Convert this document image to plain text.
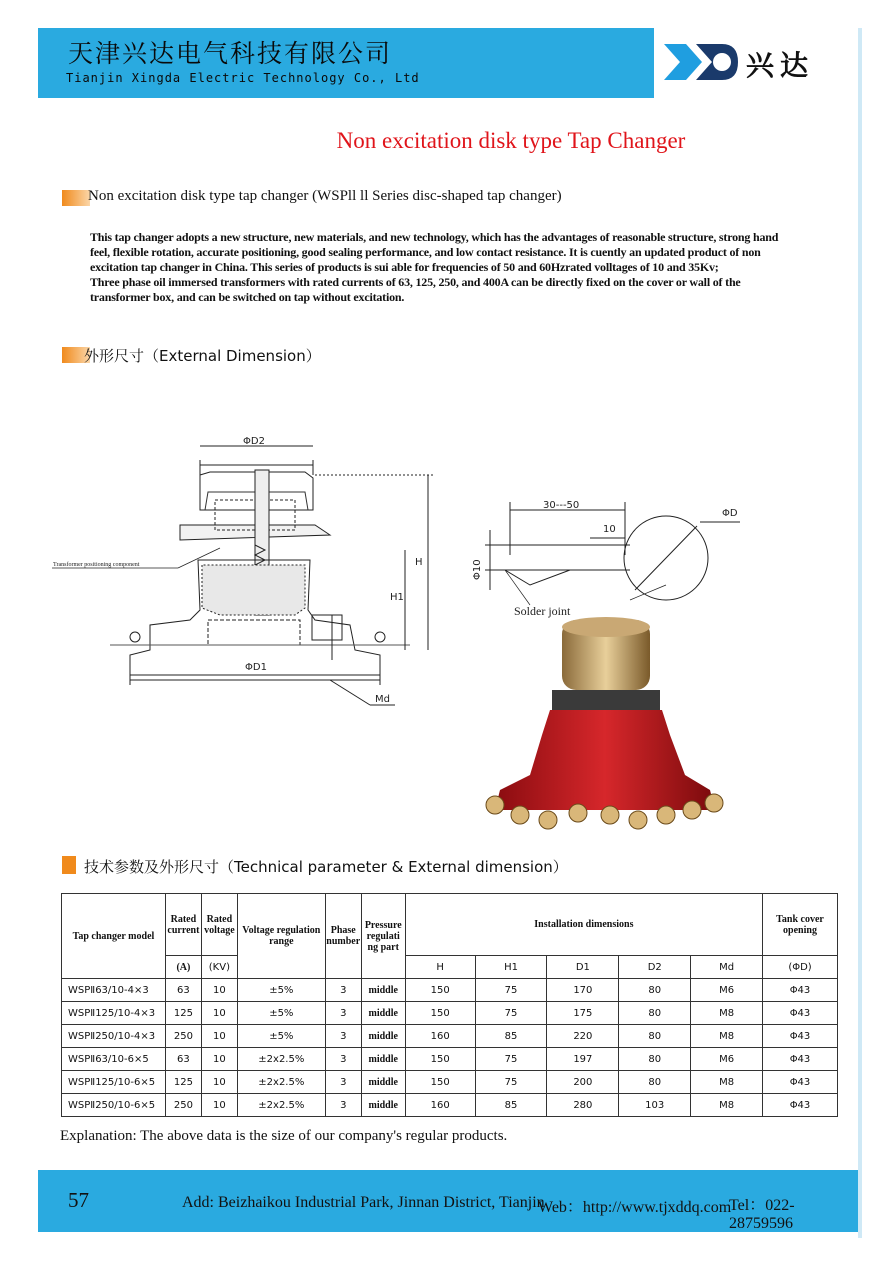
天津兴达电气科技有限公司
Tianjin Xingda Electric Technology Co., Ltd	兴达
Non excitation disk type Tap Changer
Non excitation disk type tap changer (WSPll ll Series disc-shaped tap changer)

This tap changer adopts a new structure, new materials, and new technology, which has the advantages of reasonable structure, strong hand feel, flexible rotation, accurate positioning, good sealing performance, and low contact resistance. It is cuently an updated product of non excitation tap changer in China. This series of products is sui able for frequencies of 50 and 60Hzrated volltages of 10 and 35Kv;

Three phase oil immersed transformers with rated currents of 63, 125, 250, and 400A can be directly fixed on the cover or wall of the transformer box, and can be switched on tap without excitation.

外形尺寸（External Dimension）
ΦD2
H
H1
ΦD1
Md
Transformer positioning component
30---50
10
Φ10
ΦD
Solder joint
技术参数及外形尺寸（Technical parameter & External dimension）
Tap changer model	Rated current	Rated voltage	Voltage regulation range	Phase number	Pressure regulati ng part	Installation dimensions					Tank cover opening
	(A)	(KV)				H	H1	D1	D2	Md	(ΦD)
WSPⅡ63/10-4×3	63	10	±5%	3	middle	150	75	170	80	M6	Φ43
WSPⅡ125/10-4×3	125	10	±5%	3	middle	150	75	175	80	M8	Φ43
WSPⅡ250/10-4×3	250	10	±5%	3	middle	160	85	220	80	M8	Φ43
WSPⅡ63/10-6×5	63	10	±2x2.5%	3	middle	150	75	197	80	M6	Φ43
WSPⅡ125/10-6×5	125	10	±2x2.5%	3	middle	150	75	200	80	M8	Φ43
WSPⅡ250/10-6×5	250	10	±2x2.5%	3	middle	160	85	280	103	M8	Φ43
Explanation: The above data is the size of our company's regular products.
57	Add: Beizhaikou Industrial Park, Jinnan District, Tianjin
Web：http://www.tjxddq.com
Tel：022-28759596
